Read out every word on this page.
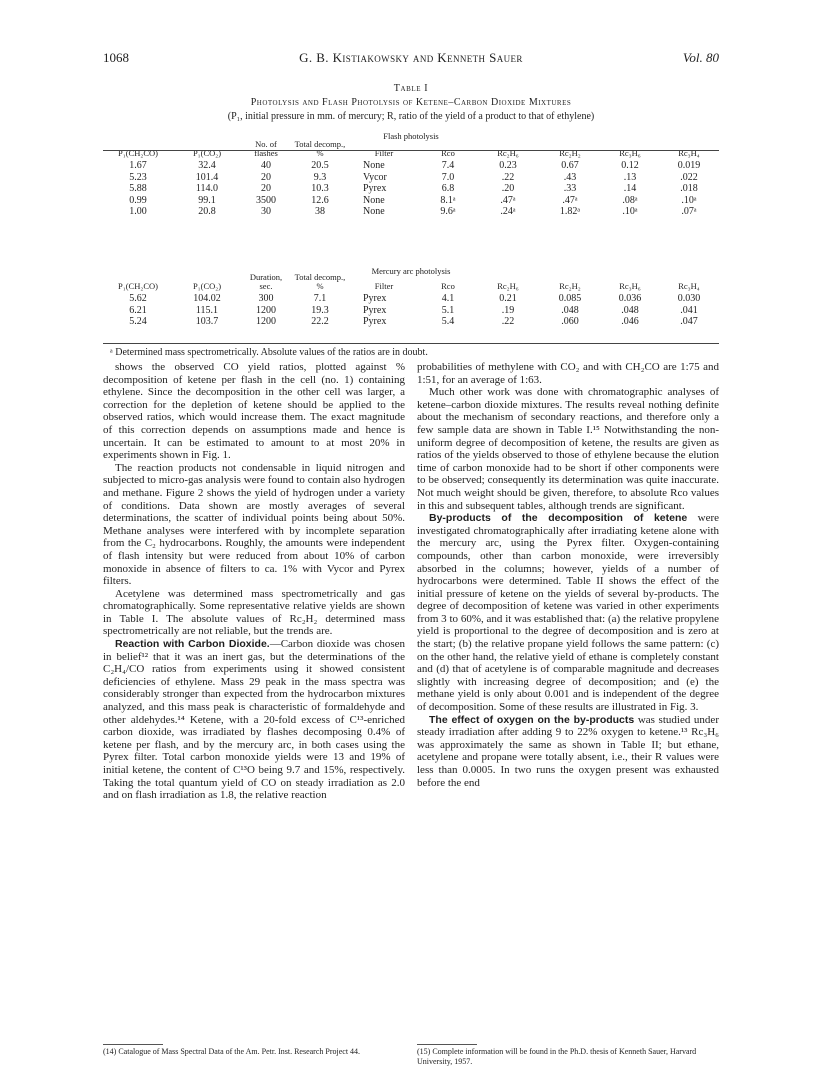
1068	G. B. Kistiakowsky and Kenneth Sauer	Vol. 80
Table I
Photolysis and Flash Photolysis of Ketene–Carbon Dioxide Mixtures
(P₁, initial pressure in mm. of mercury; R, ratio of the yield of a product to that of ethylene)
Flash photolysis
P₁(CH₂CO)	P₁(CO₂)	No. of flashes	Total decomp., %	Filter	Rco	Rc₂H₆	Rc₂H₂	Rc₃H₆	Rc₃H₄
1.67	32.4	40	20.5	None	7.4	0.23	0.67	0.12	0.019
5.23	101.4	20	9.3	Vycor	7.0	.22	.43	.13	.022
5.88	114.0	20	10.3	Pyrex	6.8	.20	.33	.14	.018
0.99	99.1	3500	12.6	None	8.1ᵃ	.47ᵃ	.47ᵃ	.08ᵃ	.10ᵃ
1.00	20.8	30	38	None	9.6ᵃ	.24ᵃ	1.82ᵃ	.10ᵃ	.07ᵃ
Mercury arc photolysis
P₁(CH₂CO)	P₁(CO₂)	Duration, sec.	Total decomp., %	Filter	Rco	Rc₂H₆	Rc₂H₂	Rc₃H₆	Rc₃H₄
5.62	104.02	300	7.1	Pyrex	4.1	0.21	0.085	0.036	0.030
6.21	115.1	1200	19.3	Pyrex	5.1	.19	.048	.048	.041
5.24	103.7	1200	22.2	Pyrex	5.4	.22	.060	.046	.047
ᵃ Determined mass spectrometrically. Absolute values of the ratios are in doubt.

shows the observed CO yield ratios, plotted against % decomposition of ketene per flash in the cell (no. 1) containing ethylene. Since the decomposition in the other cell was larger, a correction for the depletion of ketene should be applied to the observed ratios, which would increase them. The exact magnitude of this correction depends on assumptions made and hence is uncertain. It can be estimated to amount to at most 20% in experiments shown in Fig. 1.

The reaction products not condensable in liquid nitrogen and subjected to micro-gas analysis were found to contain also hydrogen and methane. Figure 2 shows the yield of hydrogen under a variety of conditions. Data shown are mostly averages of several determinations, the scatter of individual points being about 50%. Methane analyses were interfered with by incomplete separation from the C₂ hydrocarbons. Roughly, the amounts were independent of flash intensity but were reduced from about 10% of carbon monoxide in absence of filters to ca. 1% with Vycor and Pyrex filters.

Acetylene was determined mass spectrometrically and gas chromatographically. Some representative relative yields are shown in Table I. The absolute values of Rc₂H₂ determined mass spectrometrically are not reliable, but the trends are.

Reaction with Carbon Dioxide.—Carbon dioxide was chosen in belief¹² that it was an inert gas, but the determinations of the C₂H₄/CO ratios from experiments using it showed consistent deficiencies of ethylene. Mass 29 peak in the mass spectra was considerably stronger than expected from the hydrocarbon mixtures analyzed, and this mass peak is characteristic of formaldehyde and other aldehydes.¹⁴ Ketene, with a 20-fold excess of C¹³-enriched carbon dioxide, was irradiated by flashes decomposing 0.4% of ketene per flash, and by the mercury arc, in both cases using the Pyrex filter. Total carbon monoxide yields were 13 and 19% of initial ketene, the content of C¹³O being 9.7 and 15%, respectively. Taking the total quantum yield of CO on steady irradiation as 2.0 and on flash irradiation as 1.8, the relative reaction

probabilities of methylene with CO₂ and with CH₂CO are 1:75 and 1:51, for an average of 1:63.

Much other work was done with chromatographic analyses of ketene–carbon dioxide mixtures. The results reveal nothing definite about the mechanism of secondary reactions, and therefore only a few sample data are shown in Table I.¹⁵ Notwithstanding the non-uniform degree of decomposition of ketene, the results are given as ratios of the yields observed to those of ethylene because the elution time of carbon monoxide had to be short if other components were to be observed; consequently its determination was quite inaccurate. Not much weight should be given, therefore, to absolute Rco values in this and subsequent tables, although trends are significant.

By-products of the decomposition of ketene were investigated chromatographically after irradiating ketene alone with the mercury arc, using the Pyrex filter. Oxygen-containing compounds, other than carbon monoxide, were irreversibly absorbed in the columns; however, yields of a number of hydrocarbons were determined. Table II shows the effect of the initial pressure of ketene on the yields of several by-products. The degree of decomposition of ketene was varied in other experiments from 3 to 60%, and it was established that: (a) the relative propylene yield is proportional to the degree of decomposition and is zero at the start; (b) the relative propane yield follows the same pattern: (c) on the other hand, the relative yield of ethane is completely constant and (d) that of acetylene is of comparable magnitude and decreases slightly with increasing degree of decomposition; and (e) the methane yield is only about 0.001 and is independent of the degree of decomposition. Some of these results are illustrated in Fig. 3.

The effect of oxygen on the by-products was studied under steady irradiation after adding 9 to 22% oxygen to ketene.¹³ Rc₃H₆ was approximately the same as shown in Table II; but ethane, acetylene and propane were totally absent, i.e., their R values were less than 0.0005. In two runs the oxygen present was exhausted before the end

(14) Catalogue of Mass Spectral Data of the Am. Petr. Inst. Research Project 44.	(15) Complete information will be found in the Ph.D. thesis of Kenneth Sauer, Harvard University, 1957.
